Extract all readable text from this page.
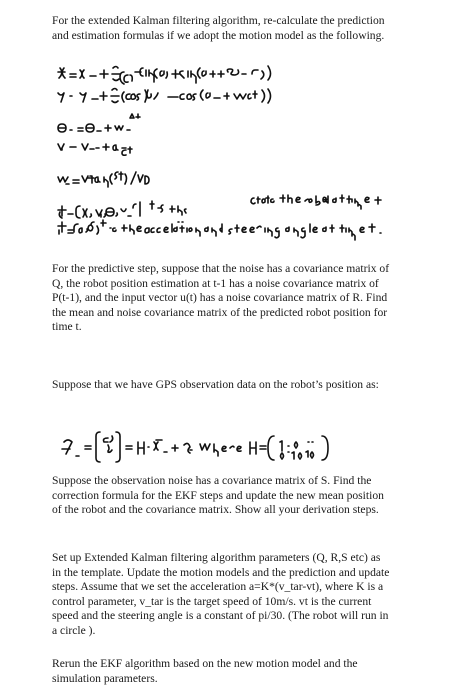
For the extended Kalman filtering algorithm, re-calculate the prediction and estimation formulas if we adopt the motion model as the following.

For the predictive step, suppose that the noise has a covariance matrix of Q, the robot position estimation at t-1 has a noise covariance matrix of P(t-1), and the input vector u(t) has a noise covariance matrix of R. Find the mean and noise covariance matrix of the predicted robot position for time t.

Suppose that we have GPS observation data on the robot’s position as:

Suppose the observation noise has a covariance matrix of S. Find the correction formula for the EKF steps and update the new mean position of the robot and the covariance matrix. Show all your derivation steps.

Set up Extended Kalman filtering algorithm parameters (Q, R,S etc) as in the template. Update the motion models and the prediction and update steps. Assume that we set the acceleration a=K*(v_tar-vt), where K is a control parameter, v_tar is the target speed of 10m/s. vt is the current speed and the steering angle is a constant of pi/30. (The robot will run in a circle ).

Rerun the EKF algorithm based on the new motion model and the simulation parameters.
